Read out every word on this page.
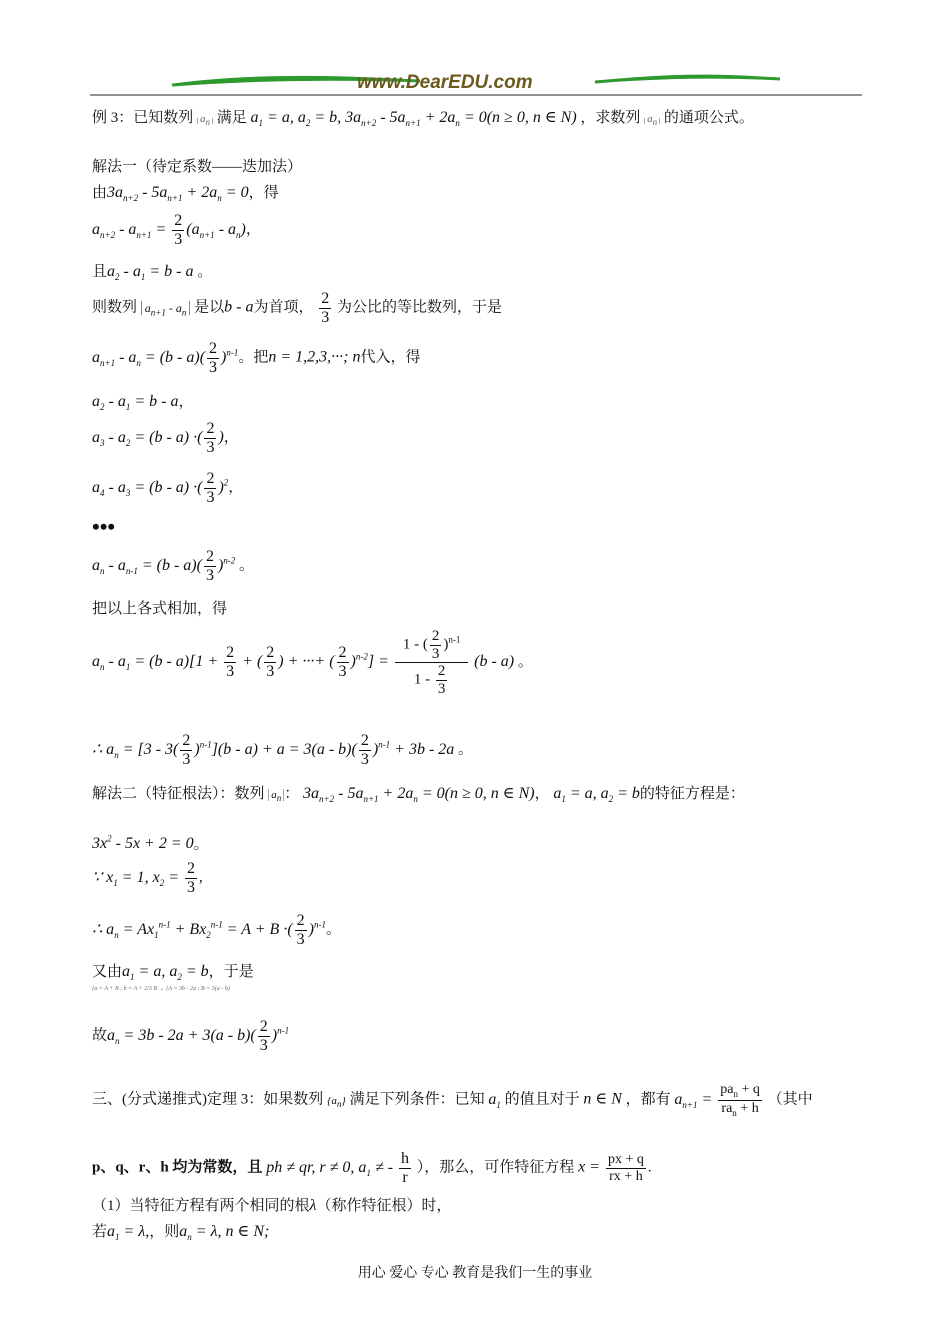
www.DearEDU.com
例 3：已知数列 $a_n$ 满足 $a_1 = a$, $a_2 = b$, $3a_{n+2} - 5a_{n+1} + 2a_n = 0(n \ge 0$, n ∈ N) ，求数列 $a_n$ 的通项公式。
解法一（待定系数——迭加法）
由$3a_{n+2} - 5a_{n+1} + 2a_n = 0$，得
$a_{n+2} - a_{n+1} = \frac{2}{3} (a_{n+1} - a_n)$，
且$a_2 - a_1 = b - a$ 。
则数列 $a_{n+1} - a_n$ 是以b - a为首项， $\frac{2}{3}$ 为公比的等比数列，于是
$a_{n+1} - a_n = (b - a)( \frac{2}{3} )^{n-1}$。把n = 1,2,3,···; n代入，得
$a_2 - a_1 = b - a$，
$a_3 - a_2 = (b - a)$ ·( $\frac{2}{3}$ )，
$a_4 - a_3 = (b - a)$ ·( $\frac{2}{3} )^2$，
•••
$a_n - a_{n-1} = (b - a)( \frac{2}{3} )^{n-2}$ 。
把以上各式相加，得
$a_n - a_1 = (b - a)[1 + \frac{2}{3}$ + ( $\frac{2}{3}$ ) + ···+ ( $\frac{2}{3} )^{n-2}] = \frac{1 - ( \frac{2}{3} )^{n-1}}{1 - \frac{2}{3}} (b - a)$ 。
∴ $a_n = [3 - 3( \frac{2}{3} )^{n-1}](b - a) + a = 3(a - b)( \frac{2}{3} )^{n-1} + 3b - 2a$ 。
解法二（特征根法）：数列 $a_n$ ： $3a_{n+2} - 5a_{n+1} + 2a_n = 0(n \ge 0$, n ∈ N)， $a_1 = a$, $a_2 = b$的特征方程是：
$3x^2 - 5x + 2 = 0$。
∵ $x_1 = 1$, $x_2 = \frac{2}{3}$ ,
∴ $a_n = Ax_1^{n-1} + Bx_2^{n-1} = A + B$ ·( $\frac{2}{3} )^{n-1}$。
又由$a_1 = a$, $a_2 = b$，于是
{a = A + B ; b = A + 2/3 B → {A = 3b - 2a ; B = 3(a - b)
故$a_n = 3b - 2a + 3(a - b)( \frac{2}{3} )^{n-1}$
三、(分式递推式)定理 3：如果数列 $\{a_n\}$ 满足下列条件：已知 $a_1$ 的值且对于 n ∈ N ，都有 $a_{n+1} = \frac{pa_n + q}{ra_n + h}$ （其中
p、q、r、h 均为常数，且 ph ≠ qr, r ≠ 0, $a_1$ ≠ - $\frac{h}{r}$ ），那么，可作特征方程 $x = \frac{px + q}{rx + h}$ .
（1）当特征方程有两个相同的根λ（称作特征根）时，
若$a_1 = \lambda$,，则$a_n = \lambda$, n ∈ N;
用心 爱心 专心 教育是我们一生的事业
